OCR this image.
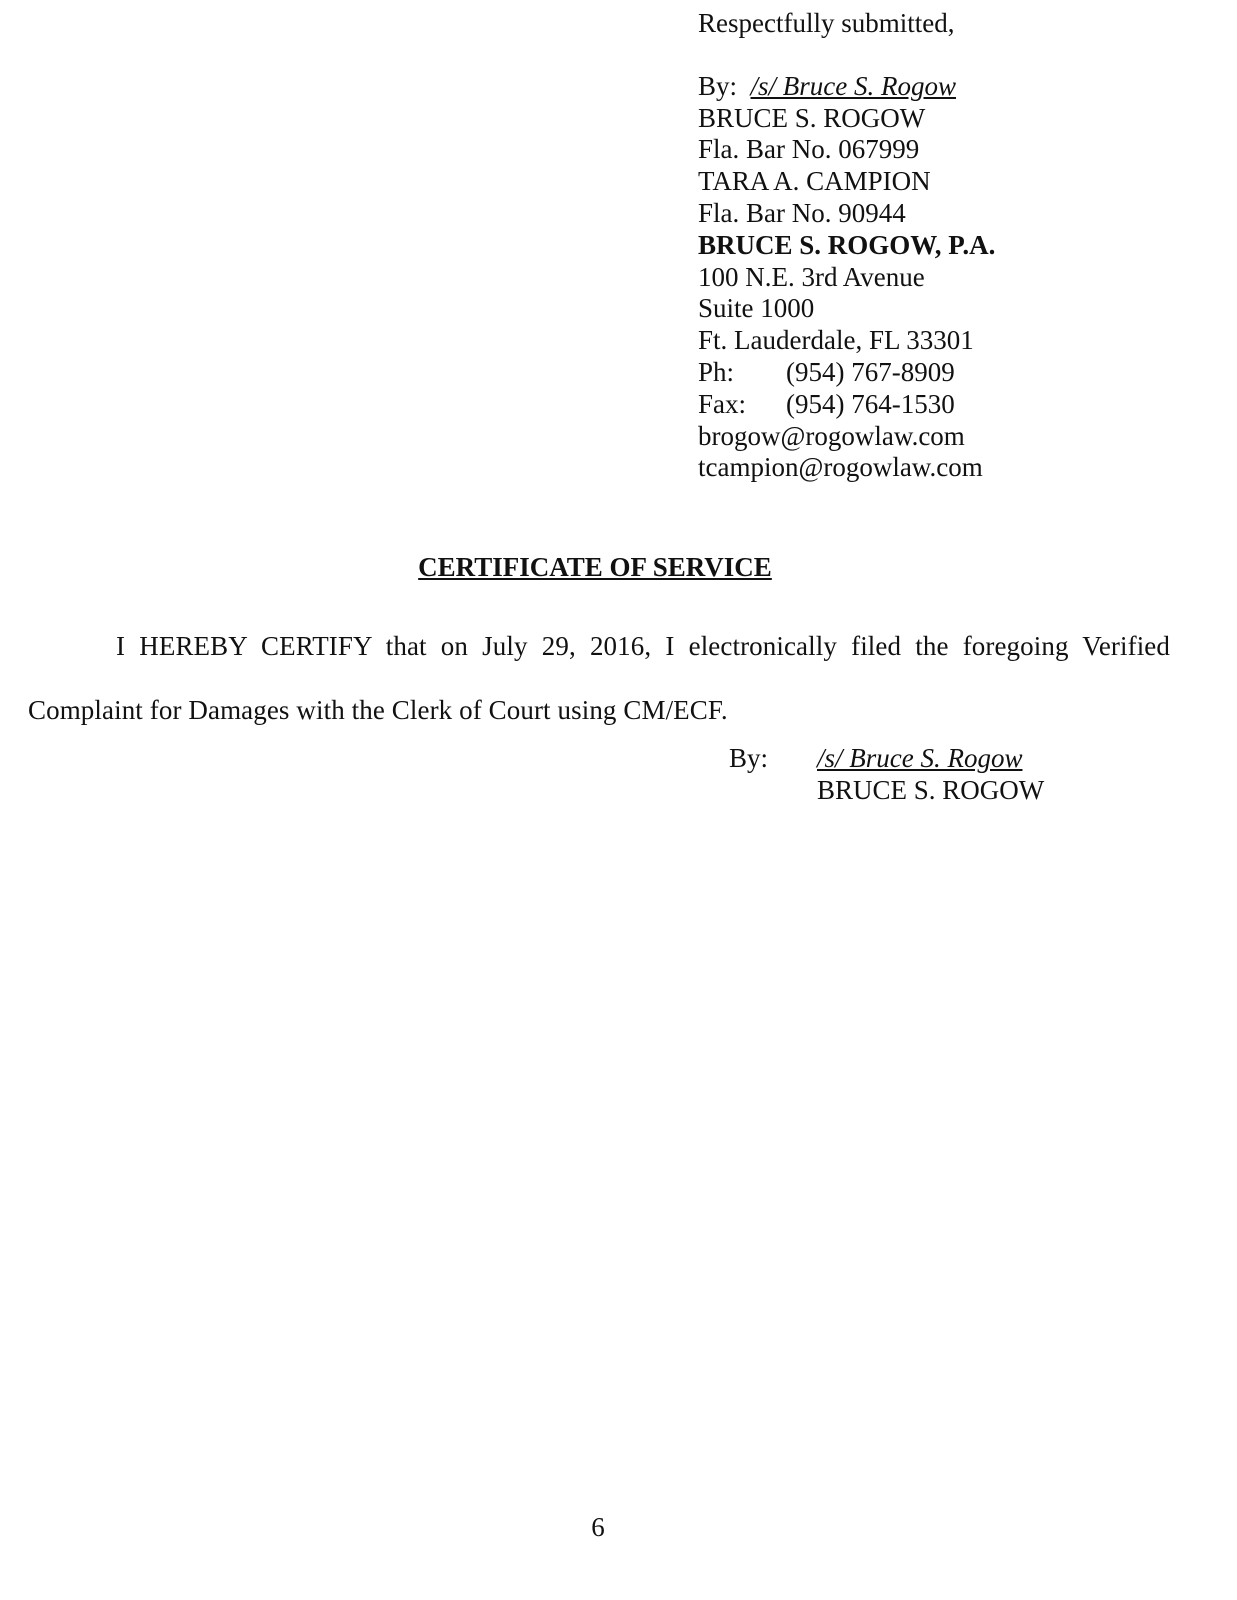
Respectfully submitted,
By: /s/ Bruce S. Rogow
BRUCE S. ROGOW
Fla. Bar No. 067999
TARA A. CAMPION
Fla. Bar No. 90944
BRUCE S. ROGOW, P.A.
100 N.E. 3rd Avenue
Suite 1000
Ft. Lauderdale, FL 33301
Ph: (954) 767-8909
Fax: (954) 764-1530
brogow@rogowlaw.com
tcampion@rogowlaw.com
CERTIFICATE OF SERVICE
I HEREBY CERTIFY that on July 29, 2016, I electronically filed the foregoing Verified Complaint for Damages with the Clerk of Court using CM/ECF.
By: /s/ Bruce S. Rogow
BRUCE S. ROGOW
6
